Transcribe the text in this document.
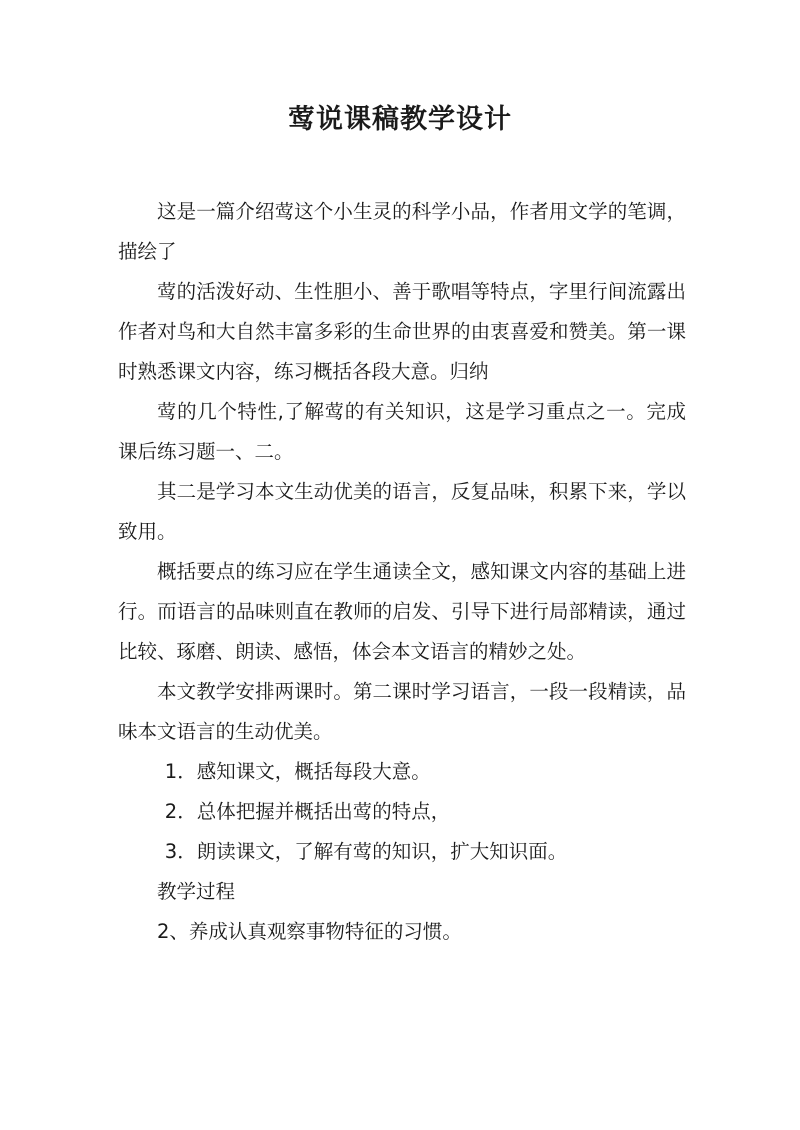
莺说课稿教学设计

这是一篇介绍莺这个小生灵的科学小品，作者用文学的笔调，描绘了

莺的活泼好动、生性胆小、善于歌唱等特点，字里行间流露出作者对鸟和大自然丰富多彩的生命世界的由衷喜爱和赞美。第一课时熟悉课文内容，练习概括各段大意。归纳

莺的几个特性,了解莺的有关知识，这是学习重点之一。完成课后练习题一、二。

其二是学习本文生动优美的语言，反复品味，积累下来，学以致用。

概括要点的练习应在学生通读全文，感知课文内容的基础上进行。而语言的品味则直在教师的启发、引导下进行局部精读，通过比较、琢磨、朗读、感悟，体会本文语言的精妙之处。

本文教学安排两课时。第二课时学习语言，一段一段精读，品味本文语言的生动优美。

1．感知课文，概括每段大意。

2．总体把握并概括出莺的特点，

3．朗读课文，了解有莺的知识，扩大知识面。

教学过程

2、养成认真观察事物特征的习惯。
